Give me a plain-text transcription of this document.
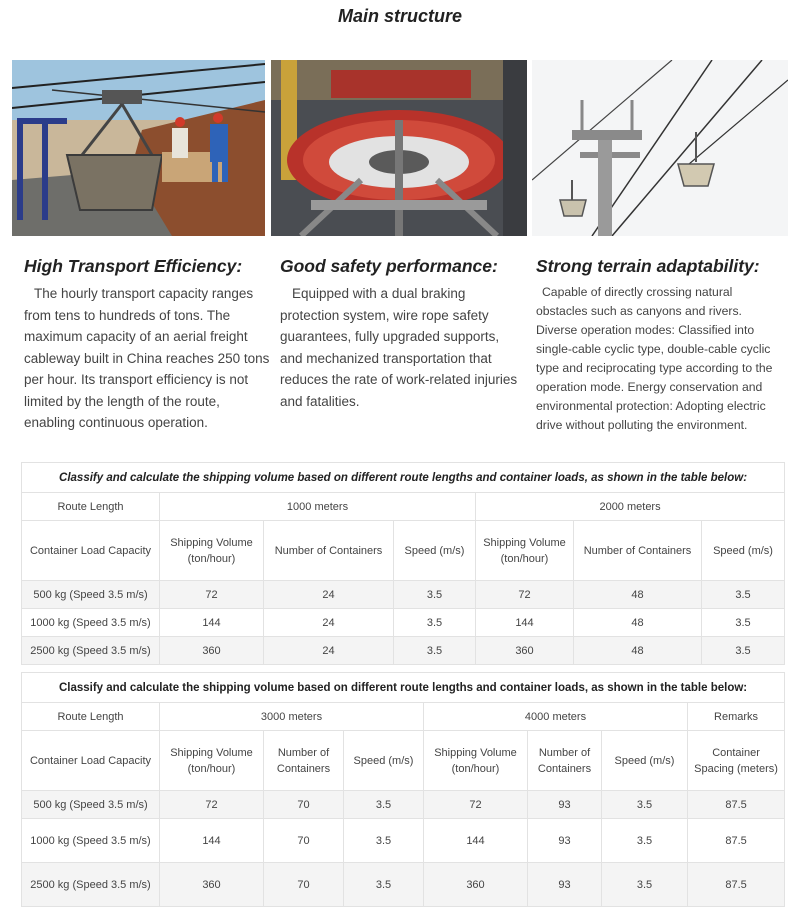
Main structure
High Transport Efficiency:

The hourly transport capacity ranges from tens to hundreds of tons. The maximum capacity of an aerial freight cableway built in China reaches 250 tons per hour. Its transport efficiency is not limited by the length of the route, enabling continuous operation.

Good safety performance:

Equipped with a dual braking protection system, wire rope safety guarantees, fully upgraded supports, and mechanized transportation that reduces the rate of work-related injuries and fatalities.

Strong terrain adaptability:

Capable of directly crossing natural obstacles such as canyons and rivers. Diverse operation modes: Classified into single-cable cyclic type, double-cable cyclic type and reciprocating type according to the operation mode. Energy conservation and environmental protection: Adopting electric drive without polluting the environment.

Classify and calculate the shipping volume based on different route lengths and container loads, as shown in the table below:						
Route Length	1000 meters			2000 meters		
Container Load Capacity	Shipping Volume (ton/hour)	Number of Containers	Speed (m/s)	Shipping Volume (ton/hour)	Number of Containers	Speed (m/s)
500 kg (Speed 3.5 m/s)	72	24	3.5	72	48	3.5
1000 kg (Speed 3.5 m/s)	144	24	3.5	144	48	3.5
2500 kg (Speed 3.5 m/s)	360	24	3.5	360	48	3.5
Classify and calculate the shipping volume based on different route lengths and container loads, as shown in the table below:							
Route Length	3000 meters			4000 meters			Remarks
Container Load Capacity	Shipping Volume (ton/hour)	Number of Containers	Speed (m/s)	Shipping Volume (ton/hour)	Number of Containers	Speed (m/s)	Container Spacing (meters)
500 kg (Speed 3.5 m/s)	72	70	3.5	72	93	3.5	87.5
1000 kg (Speed 3.5 m/s)	144	70	3.5	144	93	3.5	87.5
2500 kg (Speed 3.5 m/s)	360	70	3.5	360	93	3.5	87.5
